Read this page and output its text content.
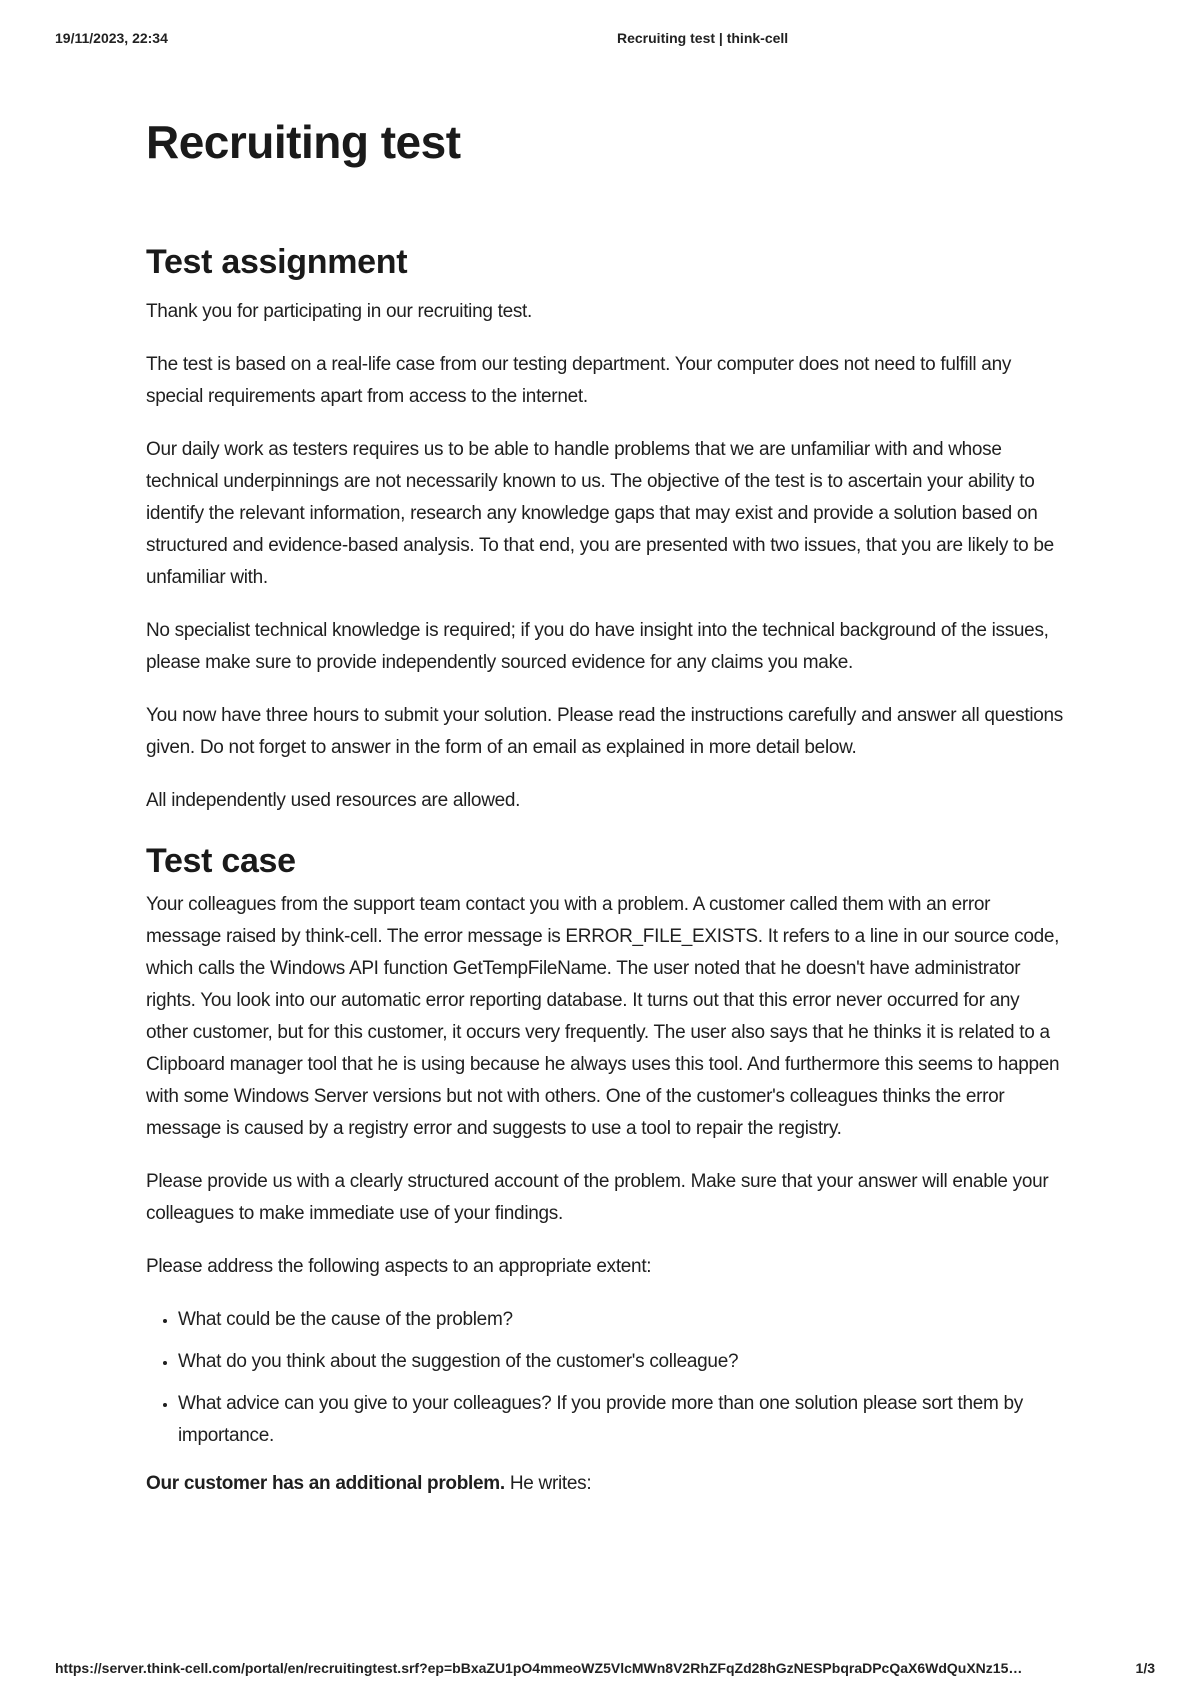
19/11/2023, 22:34	Recruiting test | think-cell
Recruiting test
Test assignment

Thank you for participating in our recruiting test.

The test is based on a real-life case from our testing department. Your computer does not need to fulfill any special requirements apart from access to the internet.

Our daily work as testers requires us to be able to handle problems that we are unfamiliar with and whose technical underpinnings are not necessarily known to us. The objective of the test is to ascertain your ability to identify the relevant information, research any knowledge gaps that may exist and provide a solution based on structured and evidence-based analysis. To that end, you are presented with two issues, that you are likely to be unfamiliar with.

No specialist technical knowledge is required; if you do have insight into the technical background of the issues, please make sure to provide independently sourced evidence for any claims you make.

You now have three hours to submit your solution. Please read the instructions carefully and answer all questions given. Do not forget to answer in the form of an email as explained in more detail below.

All independently used resources are allowed.

Test case

Your colleagues from the support team contact you with a problem. A customer called them with an error message raised by think-cell. The error message is ERROR_FILE_EXISTS. It refers to a line in our source code, which calls the Windows API function GetTempFileName. The user noted that he doesn't have administrator rights. You look into our automatic error reporting database. It turns out that this error never occurred for any other customer, but for this customer, it occurs very frequently. The user also says that he thinks it is related to a Clipboard manager tool that he is using because he always uses this tool. And furthermore this seems to happen with some Windows Server versions but not with others. One of the customer's colleagues thinks the error message is caused by a registry error and suggests to use a tool to repair the registry.

Please provide us with a clearly structured account of the problem. Make sure that your answer will enable your colleagues to make immediate use of your findings.

Please address the following aspects to an appropriate extent:

• What could be the cause of the problem?
• What do you think about the suggestion of the customer's colleague?
• What advice can you give to your colleagues? If you provide more than one solution please sort them by importance.

Our customer has an additional problem. He writes:

https://server.think-cell.com/portal/en/recruitingtest.srf?ep=bBxaZU1pO4mmeoWZ5VlcMWn8V2RhZFqZd28hGzNESPbqraDPcQaX6WdQuXNz15…	1/3
